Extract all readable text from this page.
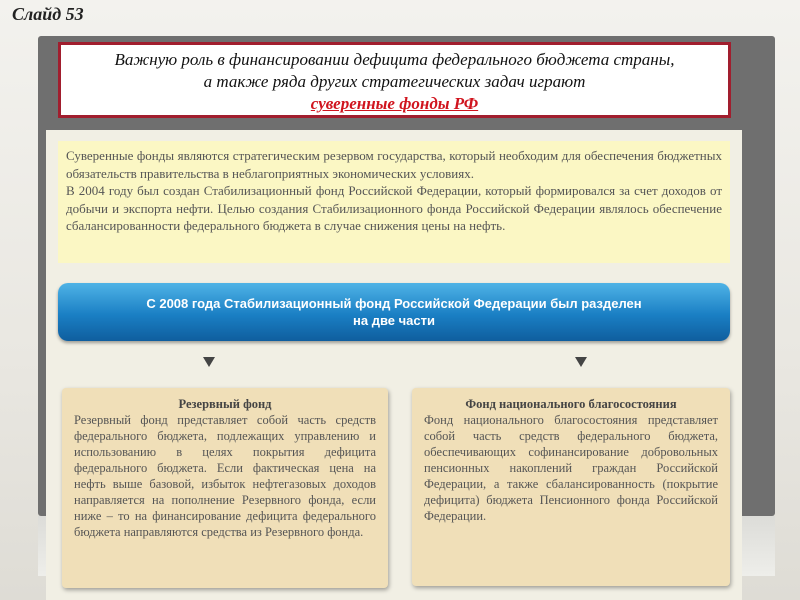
Слайд 53
Важную роль в финансировании дефицита федерального бюджета страны,
а также ряда других стратегических задач играют
суверенные фонды РФ

Суверенные фонды являются стратегическим резервом государства, который необходим для обеспечения бюджетных обязательств правительства в неблагоприятных экономических условиях.

В 2004 году был создан Стабилизационный фонд Российской Федерации, который формировался за счет доходов от добычи и экспорта нефти. Целью создания Стабилизационного фонда Российской Федерации являлось обеспечение сбалансированности федерального бюджета в случае снижения цены на нефть.

С 2008 года Стабилизационный фонд Российской Федерации был разделен
на две части
Резервный фонд

Резервный фонд представляет собой часть средств федерального бюджета, подлежащих управлению и использованию в целях покрытия дефицита федерального бюджета. Если фактическая цена на нефть выше базовой, избыток нефтегазовых доходов направляется на пополнение Резервного фонда, если ниже – то на финансирование дефицита федерального бюджета направляются средства из Резервного фонда.

Фонд национального благосостояния

Фонд национального благосостояния представляет собой часть средств федерального бюджета, обеспечивающих софинансирование добровольных пенсионных накоплений граждан Российской Федерации, а также сбалансированность (покрытие дефицита) бюджета Пенсионного фонда Российской Федерации.
